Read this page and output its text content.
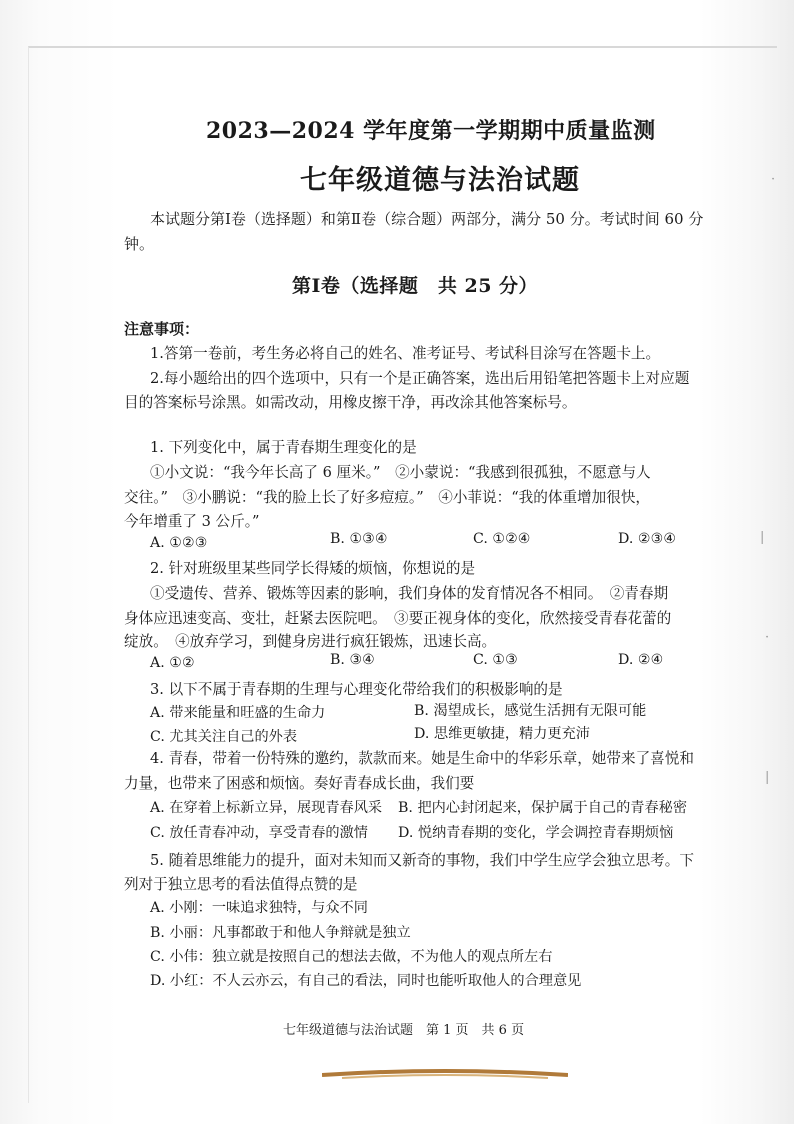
·
|
|
·
2023—2024 学年度第一学期期中质量监测
七年级道德与法治试题
本试题分第Ⅰ卷（选择题）和第Ⅱ卷（综合题）两部分，满分 50 分。考试时间 60 分
钟。
第Ⅰ卷（选择题　共 25 分）
注意事项：
1.答第一卷前，考生务必将自己的姓名、准考证号、考试科目涂写在答题卡上。
2.每小题给出的四个选项中，只有一个是正确答案，选出后用铅笔把答题卡上对应题
目的答案标号涂黑。如需改动，用橡皮擦干净，再改涂其他答案标号。
1. 下列变化中，属于青春期生理变化的是
①小文说：“我今年长高了 6 厘米。”　②小蒙说：“我感到很孤独，不愿意与人
交往。”　③小鹏说：“我的脸上长了好多痘痘。”　④小菲说：“我的体重增加很快，
今年增重了 3 公斤。”
A. ①②③	B. ①③④	C. ①②④	D. ②③④
2. 针对班级里某些同学长得矮的烦恼，你想说的是
①受遗传、营养、锻炼等因素的影响，我们身体的发育情况各不相同。　②青春期
身体应迅速变高、变壮，赶紧去医院吧。　③要正视身体的变化，欣然接受青春花蕾的
绽放。　④放弃学习，到健身房进行疯狂锻炼，迅速长高。
A. ①②	B. ③④	C. ①③	D. ②④
3. 以下不属于青春期的生理与心理变化带给我们的积极影响的是
A. 带来能量和旺盛的生命力	B. 渴望成长，感觉生活拥有无限可能
C. 尤其关注自己的外表	D. 思维更敏捷，精力更充沛
4. 青春，带着一份特殊的邀约，款款而来。她是生命中的华彩乐章，她带来了喜悦和
力量，也带来了困惑和烦恼。奏好青春成长曲，我们要
A. 在穿着上标新立异，展现青春风采 B. 把内心封闭起来，保护属于自己的青春秘密
C. 放任青春冲动，享受青春的激情 D. 悦纳青春期的变化，学会调控青春期烦恼
5. 随着思维能力的提升，面对未知而又新奇的事物，我们中学生应学会独立思考。下
列对于独立思考的看法值得点赞的是
A. 小刚：一味追求独特，与众不同
B. 小丽：凡事都敢于和他人争辩就是独立
C. 小伟：独立就是按照自己的想法去做，不为他人的观点所左右
D. 小红：不人云亦云，有自己的看法，同时也能听取他人的合理意见
七年级道德与法治试题　第 1 页　共 6 页
